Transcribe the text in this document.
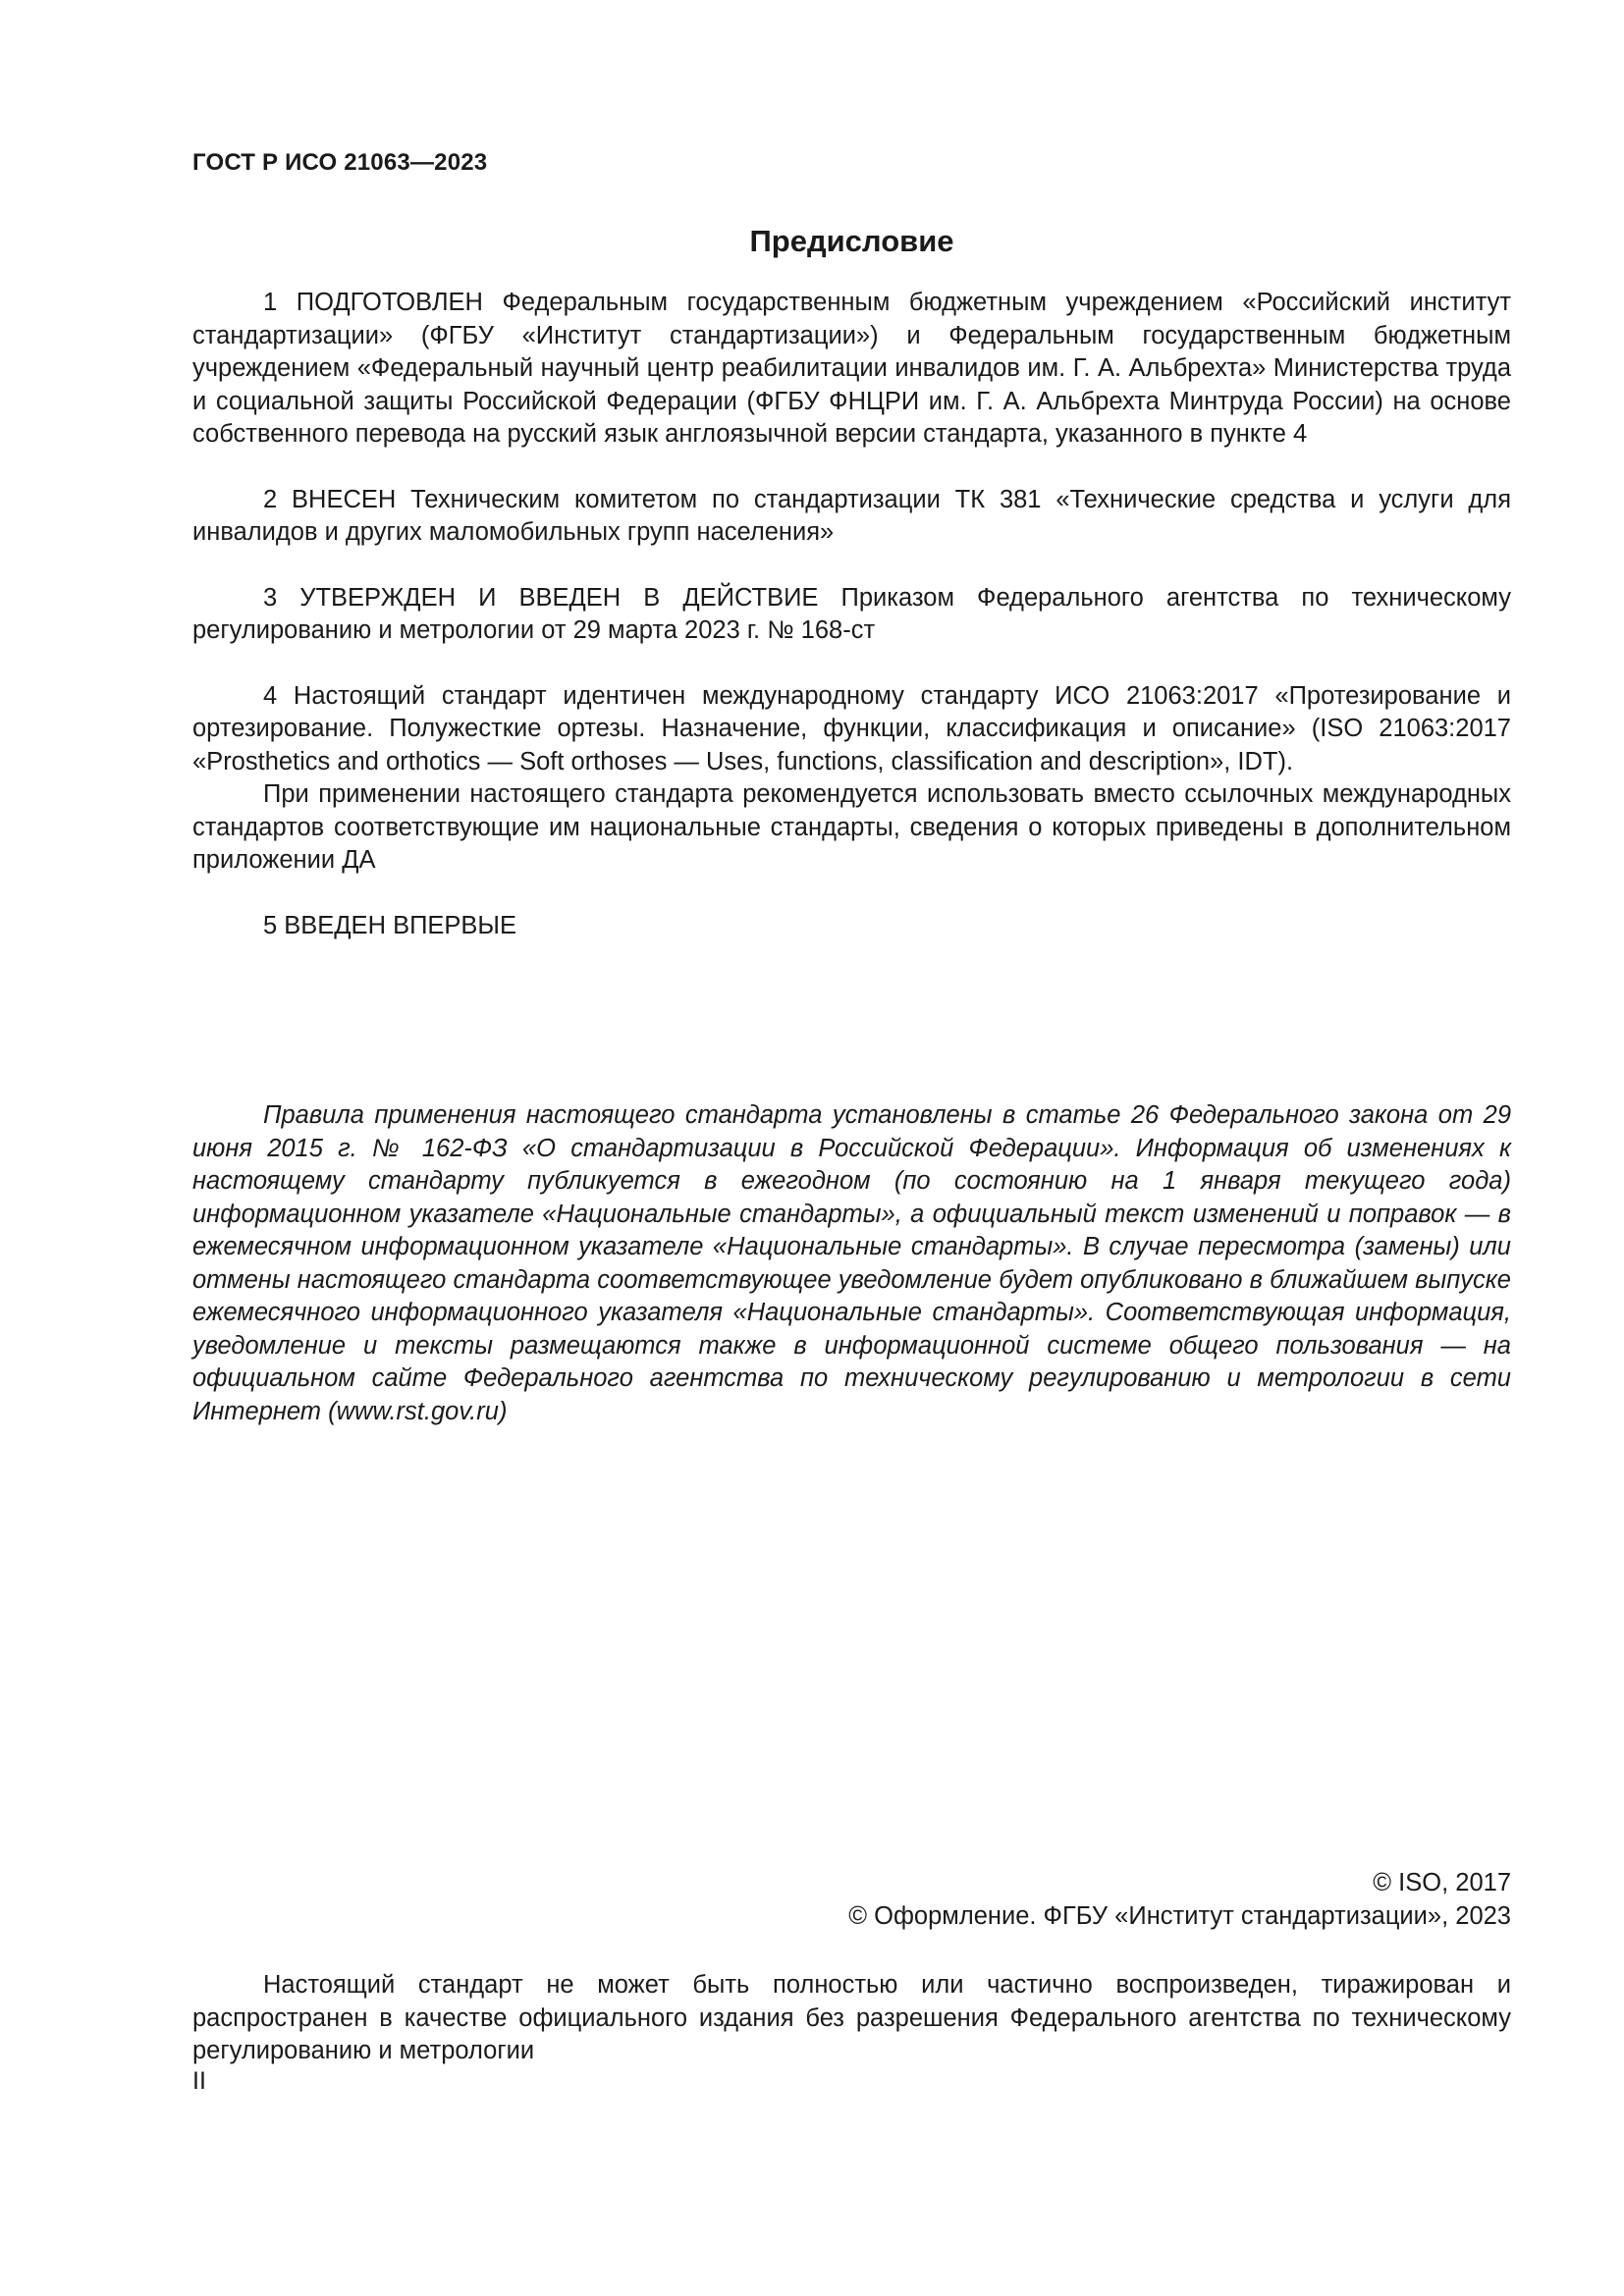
ГОСТ Р ИСО 21063—2023
Предисловие

1 ПОДГОТОВЛЕН Федеральным государственным бюджетным учреждением «Российский институт стандартизации» (ФГБУ «Институт стандартизации») и Федеральным государственным бюджетным учреждением «Федеральный научный центр реабилитации инвалидов им. Г. А. Альбрехта» Министерства труда и социальной защиты Российской Федерации (ФГБУ ФНЦРИ им. Г. А. Альбрехта Минтруда России) на основе собственного перевода на русский язык англоязычной версии стандарта, указанного в пункте 4

2 ВНЕСЕН Техническим комитетом по стандартизации ТК 381 «Технические средства и услуги для инвалидов и других маломобильных групп населения»

3 УТВЕРЖДЕН И ВВЕДЕН В ДЕЙСТВИЕ Приказом Федерального агентства по техническому регулированию и метрологии от 29 марта 2023 г. № 168-ст

4 Настоящий стандарт идентичен международному стандарту ИСО 21063:2017 «Протезирование и ортезирование. Полужесткие ортезы. Назначение, функции, классификация и описание» (ISO 21063:2017 «Prosthetics and orthotics — Soft orthoses — Uses, functions, classification and description», IDT).

При применении настоящего стандарта рекомендуется использовать вместо ссылочных международных стандартов соответствующие им национальные стандарты, сведения о которых приведены в дополнительном приложении ДА

5 ВВЕДЕН ВПЕРВЫЕ

Правила применения настоящего стандарта установлены в статье 26 Федерального закона от 29 июня 2015 г. № 162-ФЗ «О стандартизации в Российской Федерации». Информация об изменениях к настоящему стандарту публикуется в ежегодном (по состоянию на 1 января текущего года) информационном указателе «Национальные стандарты», а официальный текст изменений и поправок — в ежемесячном информационном указателе «Национальные стандарты». В случае пересмотра (замены) или отмены настоящего стандарта соответствующее уведомление будет опубликовано в ближайшем выпуске ежемесячного информационного указателя «Национальные стандарты». Соответствующая информация, уведомление и тексты размещаются также в информационной системе общего пользования — на официальном сайте Федерального агентства по техническому регулированию и метрологии в сети Интернет (www.rst.gov.ru)

© ISO, 2017
© Оформление. ФГБУ «Институт стандартизации», 2023

Настоящий стандарт не может быть полностью или частично воспроизведен, тиражирован и распространен в качестве официального издания без разрешения Федерального агентства по техническому регулированию и метрологии

II
